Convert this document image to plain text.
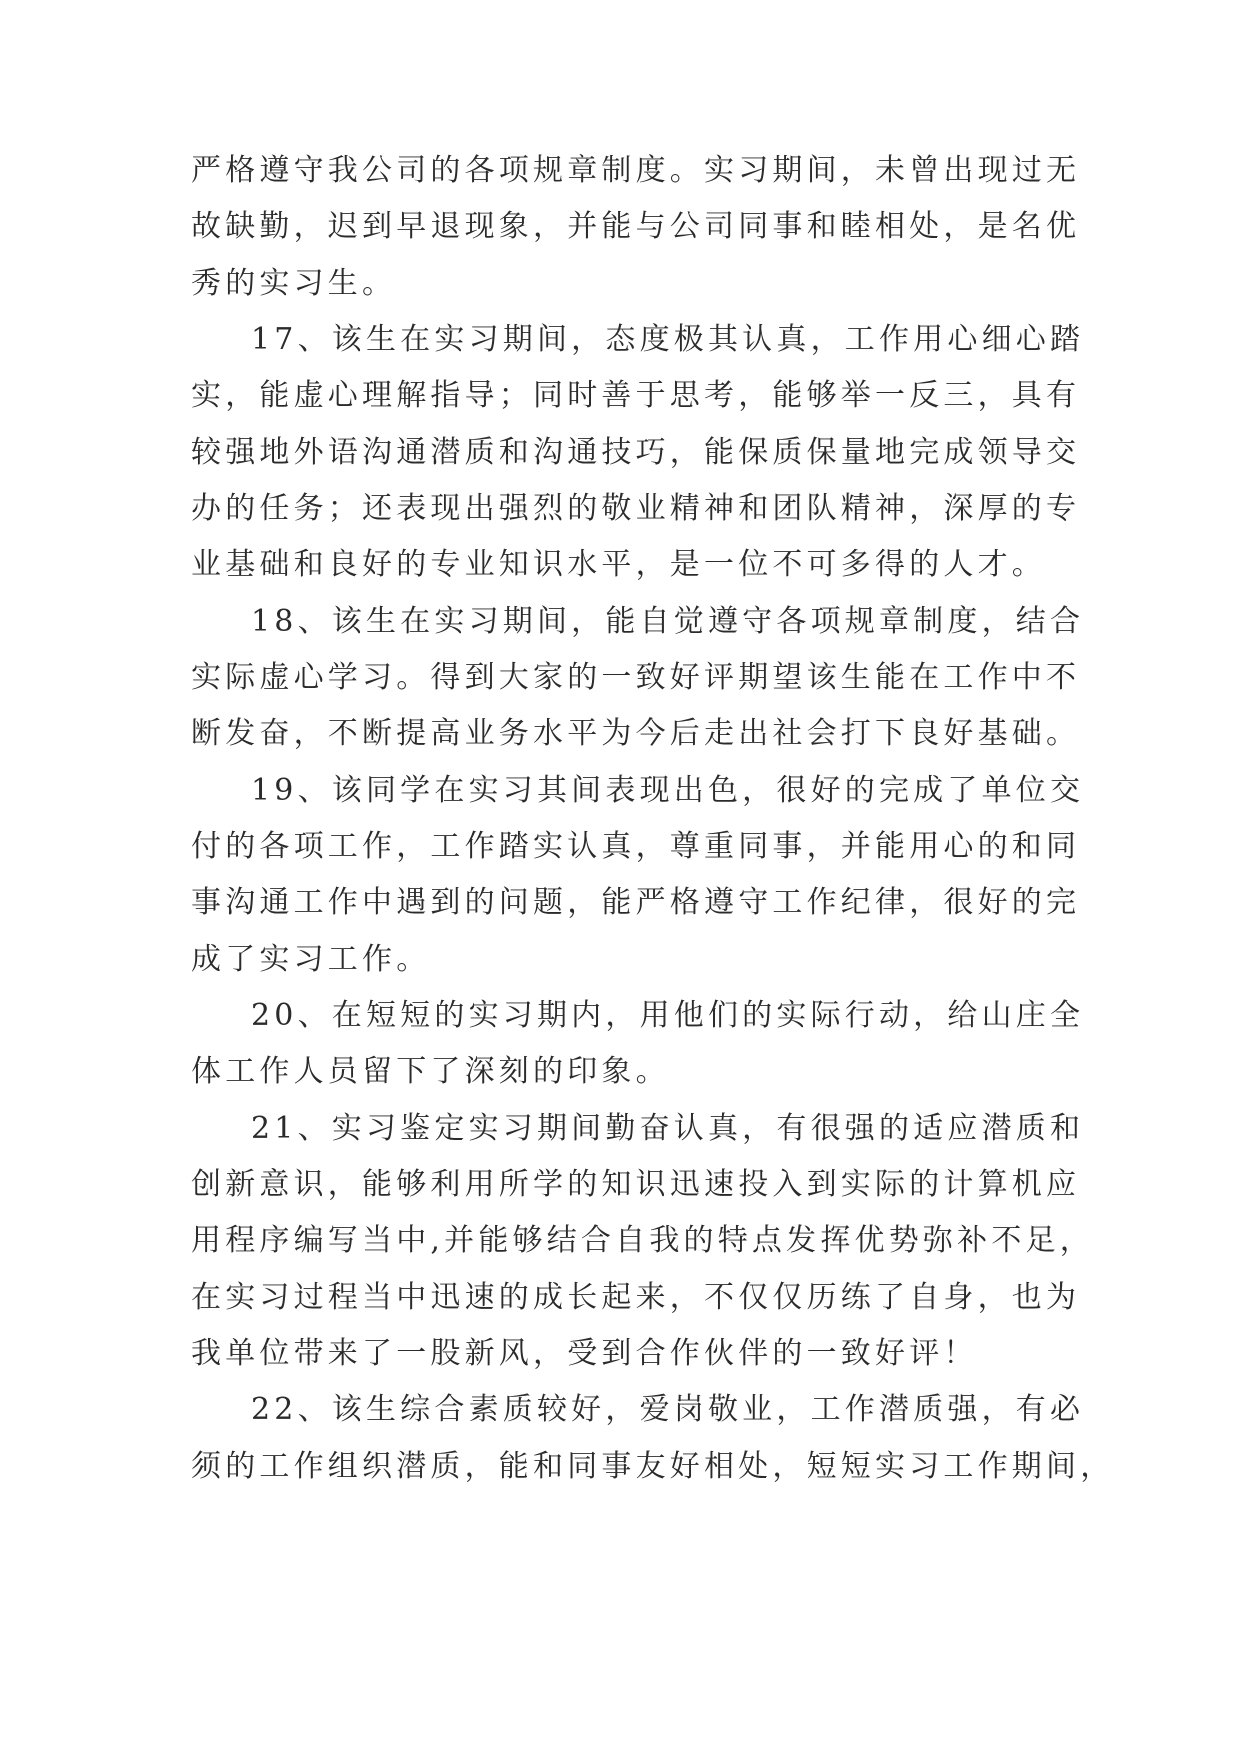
严格遵守我公司的各项规章制度。实习期间，未曾出现过无
故缺勤，迟到早退现象，并能与公司同事和睦相处，是名优
秀的实习生。
17、该生在实习期间，态度极其认真，工作用心细心踏
实，能虚心理解指导；同时善于思考，能够举一反三，具有
较强地外语沟通潜质和沟通技巧，能保质保量地完成领导交
办的任务；还表现出强烈的敬业精神和团队精神，深厚的专
业基础和良好的专业知识水平，是一位不可多得的人才。
18、该生在实习期间，能自觉遵守各项规章制度，结合
实际虚心学习。得到大家的一致好评期望该生能在工作中不
断发奋，不断提高业务水平为今后走出社会打下良好基础。
19、该同学在实习其间表现出色，很好的完成了单位交
付的各项工作，工作踏实认真，尊重同事，并能用心的和同
事沟通工作中遇到的问题，能严格遵守工作纪律，很好的完
成了实习工作。
20、在短短的实习期内，用他们的实际行动，给山庄全
体工作人员留下了深刻的印象。
21、实习鉴定实习期间勤奋认真，有很强的适应潜质和
创新意识，能够利用所学的知识迅速投入到实际的计算机应
用程序编写当中,并能够结合自我的特点发挥优势弥补不足，
在实习过程当中迅速的成长起来，不仅仅历练了自身，也为
我单位带来了一股新风，受到合作伙伴的一致好评！
22、该生综合素质较好，爱岗敬业，工作潜质强，有必
须的工作组织潜质，能和同事友好相处，短短实习工作期间，
